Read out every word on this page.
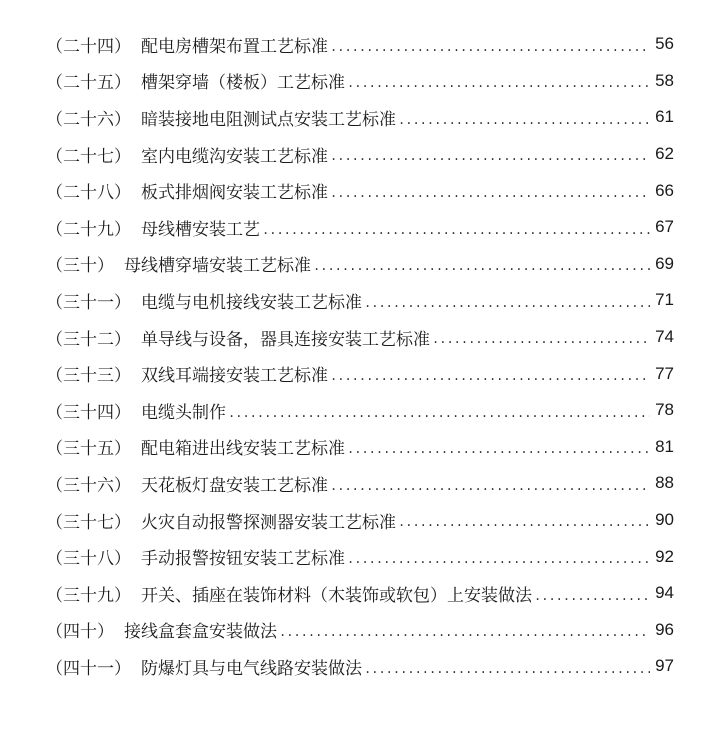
（二十四） 配电房槽架布置工艺标准 .....	56
（二十五） 槽架穿墙（楼板）工艺标准 .....	58
（二十六） 暗装接地电阻测试点安装工艺标准 .....	61
（二十七） 室内电缆沟安装工艺标准 .....	62
（二十八） 板式排烟阀安装工艺标准 .....	66
（二十九） 母线槽安装工艺 .....	67
（三十） 母线槽穿墙安装工艺标准 .....	69
（三十一） 电缆与电机接线安装工艺标准 .....	71
（三十二） 单导线与设备，器具连接安装工艺标准 .....	74
（三十三） 双线耳端接安装工艺标准 .....	77
（三十四） 电缆头制作 .....	78
（三十五） 配电箱进出线安装工艺标准 .....	81
（三十六） 天花板灯盘安装工艺标准 .....	88
（三十七） 火灾自动报警探测器安装工艺标准 .....	90
（三十八） 手动报警按钮安装工艺标准 .....	92
（三十九） 开关、插座在装饰材料（木装饰或软包）上安装做法 .....	94
（四十） 接线盒套盒安装做法 .....	96
（四十一） 防爆灯具与电气线路安装做法 .....	97
